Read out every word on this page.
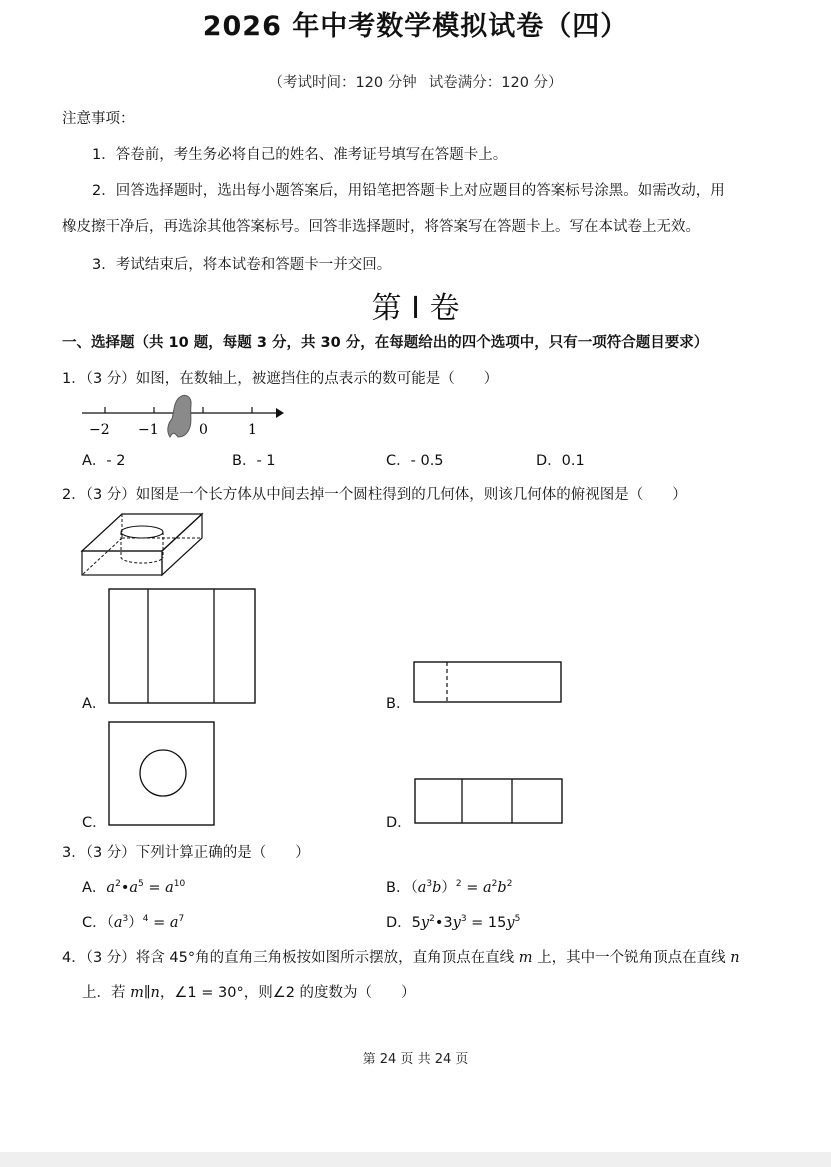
2026 年中考数学模拟试卷（四）
（考试时间：120 分钟 试卷满分：120 分）
注意事项：
1．答卷前，考生务必将自己的姓名、准考证号填写在答题卡上。
2．回答选择题时，选出每小题答案后，用铅笔把答题卡上对应题目的答案标号涂黑。如需改动，用
橡皮擦干净后，再选涂其他答案标号。回答非选择题时，将答案写在答题卡上。写在本试卷上无效。
3．考试结束后，将本试卷和答题卡一并交回。
第 I 卷
一、选择题（共 10 题，每题 3 分，共 30 分，在每题给出的四个选项中，只有一项符合题目要求）
1．（3 分）如图，在数轴上，被遮挡住的点表示的数可能是（　　）
−2 −1	0	1
A．- 2	B．- 1	C．- 0.5	D．0.1
2．（3 分）如图是一个长方体从中间去掉一个圆柱得到的几何体，则该几何体的俯视图是（　　）
A．	B．
C．	D．
3．（3 分）下列计算正确的是（　　）
A．$a^2•a^5 = a^{10}$	B．$(a^3b)^2 = a^2b^2$
C．$(a^3)^4 = a^7$	D．$5y^2•3y^3 = 15y^5$
4．（3 分）将含 45°角的直角三角板按如图所示摆放，直角顶点在直线 m 上，其中一个锐角顶点在直线 n
上．若 m∥n，∠1 = 30°，则∠2 的度数为（　　）
第 24 页 共 24 页
